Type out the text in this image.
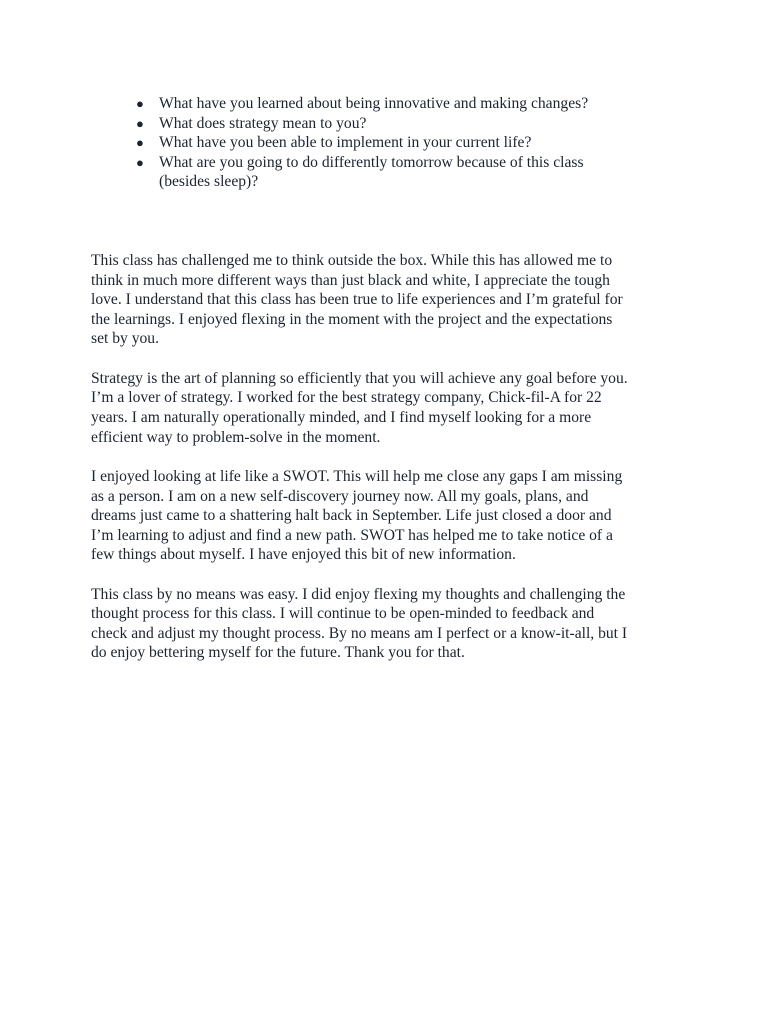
● What have you learned about being innovative and making changes?
● What does strategy mean to you?
● What have you been able to implement in your current life?
● What are you going to do differently tomorrow because of this class
(besides sleep)?
This class has challenged me to think outside the box. While this has allowed me to
think in much more different ways than just black and white, I appreciate the tough
love. I understand that this class has been true to life experiences and I’m grateful for
the learnings. I enjoyed flexing in the moment with the project and the expectations
set by you.
Strategy is the art of planning so efficiently that you will achieve any goal before you.
I’m a lover of strategy. I worked for the best strategy company, Chick-fil-A for 22
years. I am naturally operationally minded, and I find myself looking for a more
efficient way to problem-solve in the moment.
I enjoyed looking at life like a SWOT. This will help me close any gaps I am missing
as a person. I am on a new self-discovery journey now. All my goals, plans, and
dreams just came to a shattering halt back in September. Life just closed a door and
I’m learning to adjust and find a new path. SWOT has helped me to take notice of a
few things about myself. I have enjoyed this bit of new information.
This class by no means was easy. I did enjoy flexing my thoughts and challenging the
thought process for this class. I will continue to be open-minded to feedback and
check and adjust my thought process. By no means am I perfect or a know-it-all, but I
do enjoy bettering myself for the future. Thank you for that.
